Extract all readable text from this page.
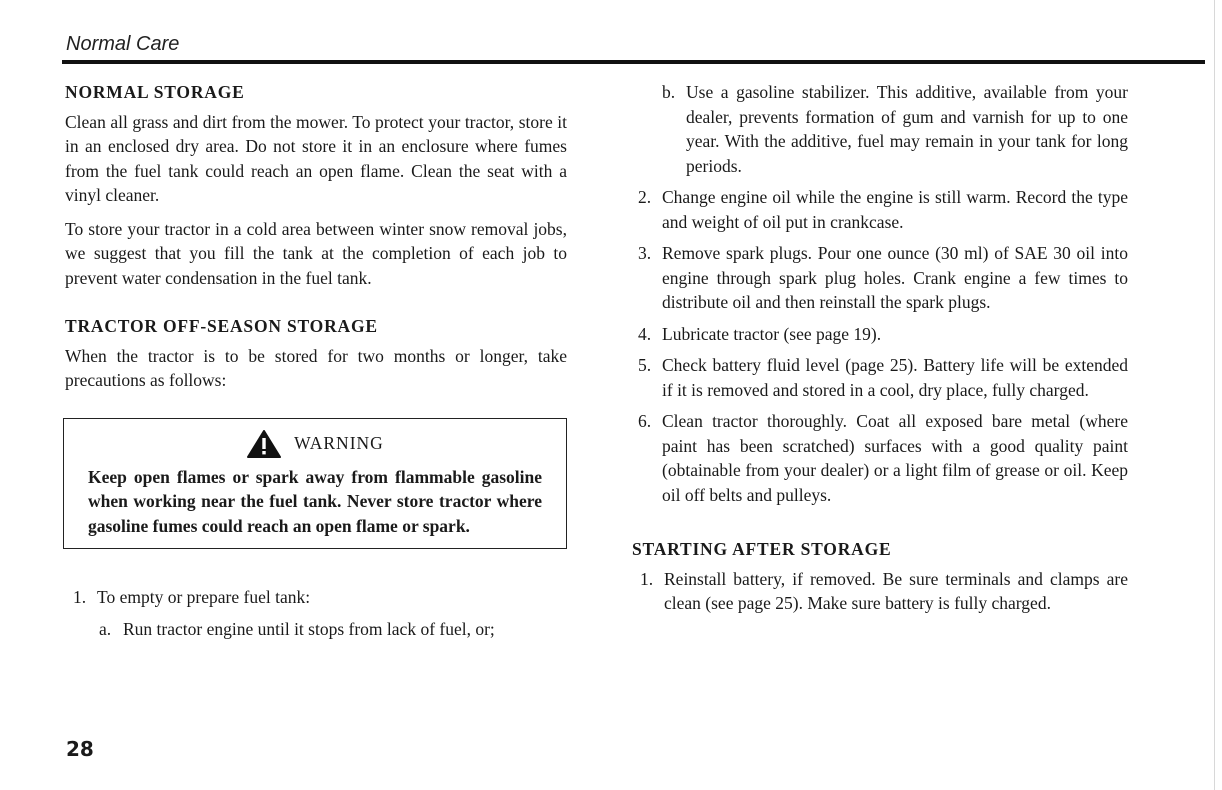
Normal Care
NORMAL STORAGE

Clean all grass and dirt from the mower. To protect your tractor, store it in an enclosed dry area. Do not store it in an enclosure where fumes from the fuel tank could reach an open flame. Clean the seat with a vinyl cleaner.

To store your tractor in a cold area between winter snow removal jobs, we suggest that you fill the tank at the completion of each job to prevent water condensation in the fuel tank.

TRACTOR OFF-SEASON STORAGE

When the tractor is to be stored for two months or longer, take precautions as follows:

WARNING

Keep open flames or spark away from flammable gasoline when working near the fuel tank. Never store tractor where gasoline fumes could reach an open flame or spark.

1. To empty or prepare fuel tank:
a. Run tractor engine until it stops from lack of fuel, or;
b. Use a gasoline stabilizer. This additive, available from your dealer, prevents formation of gum and varnish for up to one year. With the additive, fuel may remain in your tank for long periods.
2. Change engine oil while the engine is still warm. Record the type and weight of oil put in crankcase.
3. Remove spark plugs. Pour one ounce (30 ml) of SAE 30 oil into engine through spark plug holes. Crank engine a few times to distribute oil and then reinstall the spark plugs.
4. Lubricate tractor (see page 19).
5. Check battery fluid level (page 25). Battery life will be extended if it is removed and stored in a cool, dry place, fully charged.
6. Clean tractor thoroughly. Coat all exposed bare metal (where paint has been scratched) surfaces with a good quality paint (obtainable from your dealer) or a light film of grease or oil. Keep oil off belts and pulleys.
STARTING AFTER STORAGE
1. Reinstall battery, if removed. Be sure terminals and clamps are clean (see page 25). Make sure battery is fully charged.
28
